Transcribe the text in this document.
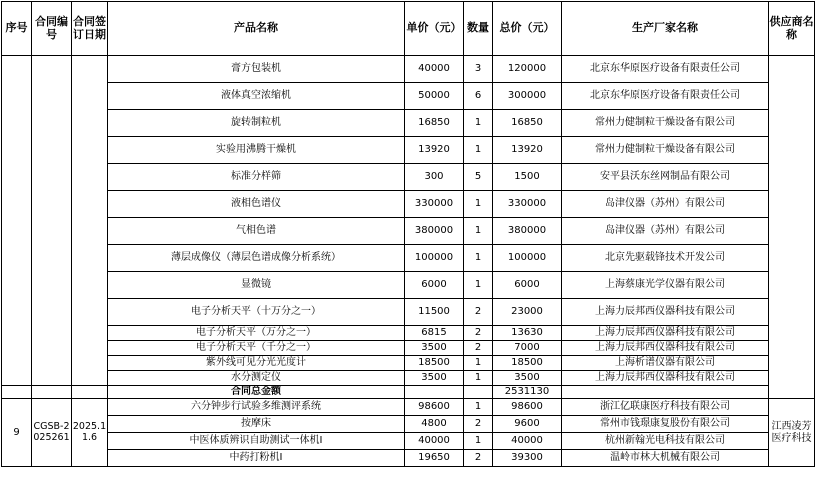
序号	合同编号	合同签订日期	产品名称	单价（元）	数量	总价（元）	生产厂家名称	供应商名称
			膏方包装机	40000	3	120000	北京东华原医疗设备有限责任公司	
			液体真空浓缩机	50000	6	300000	北京东华原医疗设备有限责任公司	
			旋转制粒机	16850	1	16850	常州力健制粒干燥设备有限公司	
			实验用沸腾干燥机	13920	1	13920	常州力健制粒干燥设备有限公司	
			标准分样筛	300	5	1500	安平县沃东丝网制品有限公司	
			液相色谱仪	330000	1	330000	岛津仪器（苏州）有限公司	
			气相色谱	380000	1	380000	岛津仪器（苏州）有限公司	
			薄层成像仪（薄层色谱成像分析系统）	100000	1	100000	北京先驱载锋技术开发公司	
			显微镜	6000	1	6000	上海蔡康光学仪器有限公司	
			电子分析天平（十万分之一）	11500	2	23000	上海力辰邦西仪器科技有限公司	
			电子分析天平（万分之一）	6815	2	13630	上海力辰邦西仪器科技有限公司	
			电子分析天平（千分之一）	3500	2	7000	上海力辰邦西仪器科技有限公司	
			紫外线可见分光光度计	18500	1	18500	上海析谱仪器有限公司	
			水分测定仪	3500	1	3500	上海力辰邦西仪器科技有限公司	
			合同总金额			2531130		
9	CGSB-2025261	2025.11.6	六分钟步行试验多维测评系统	98600	1	98600	浙江亿联康医疗科技有限公司	江西凌芳医疗科技
			按摩床	4800	2	9600	常州市钱璟康复股份有限公司	
			中医体质辨识自助测试一体机Ⅰ	40000	1	40000	杭州新翰光电科技有限公司	
			中药打粉机Ⅰ	19650	2	39300	温岭市林大机械有限公司	
